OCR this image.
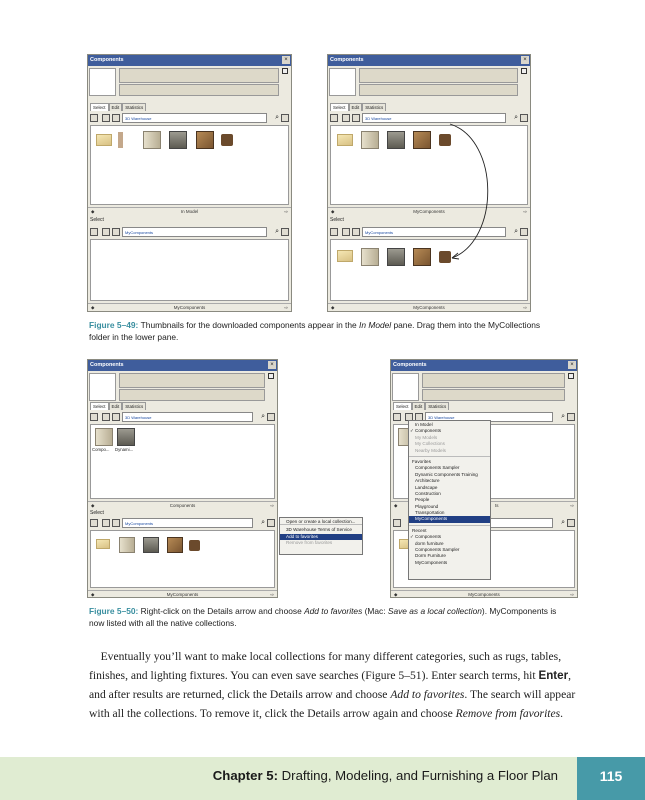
Components	×
Select Edit Statistics
3D Warehouse	⌕
◆	In Model	⇨
Select
MyComponents	⌕
◆	MyComponents	⇨
Components	×
Select Edit Statistics
3D Warehouse	⌕
◆	MyComponents	⇨
Select
MyComponents	⌕
◆	MyComponents	⇨
Figure 5–49: Thumbnails for the downloaded components appear in the In Model pane. Drag them into the MyCollections folder in the lower pane.
Components	×
Select Edit Statistics
3D Warehouse	⌕
Compo... Dynami...
◆	Components	⇨
Select
MyComponents	⌕
◆	MyComponents	⇨
Open or create a local collection...
3D Warehouse Terms of Service
Add to favorites
Remove from favorites
Components	×
Select Edit Statistics
3D Warehouse	⌕
◆	ts	⇨
⌕
◆	MyComponents	⇨
In Model
✓ Components
My Models
My Collections
Nearby Models
Favorites
Components Sampler
Dynamic Components Training
Architecture
Landscape
Construction
People
Playground
Transportation
MyComponents
Recent
✓ Components
dorm furniture
Components Sampler
Dorm Furniture
MyComponents
Figure 5–50: Right-click on the Details arrow and choose Add to favorites (Mac: Save as a local collection). MyComponents is now listed with all the native collections.

Eventually you’ll want to make local collections for many different categories, such as rugs, tables, finishes, and lighting fixtures. You can even save searches (Figure 5–51). Enter search terms, hit Enter, and after results are returned, click the Details arrow and choose Add to favorites. The search will appear with all the collections. To remove it, click the Details arrow again and choose Remove from favorites.

Chapter 5: Drafting, Modeling, and Furnishing a Floor Plan	115
